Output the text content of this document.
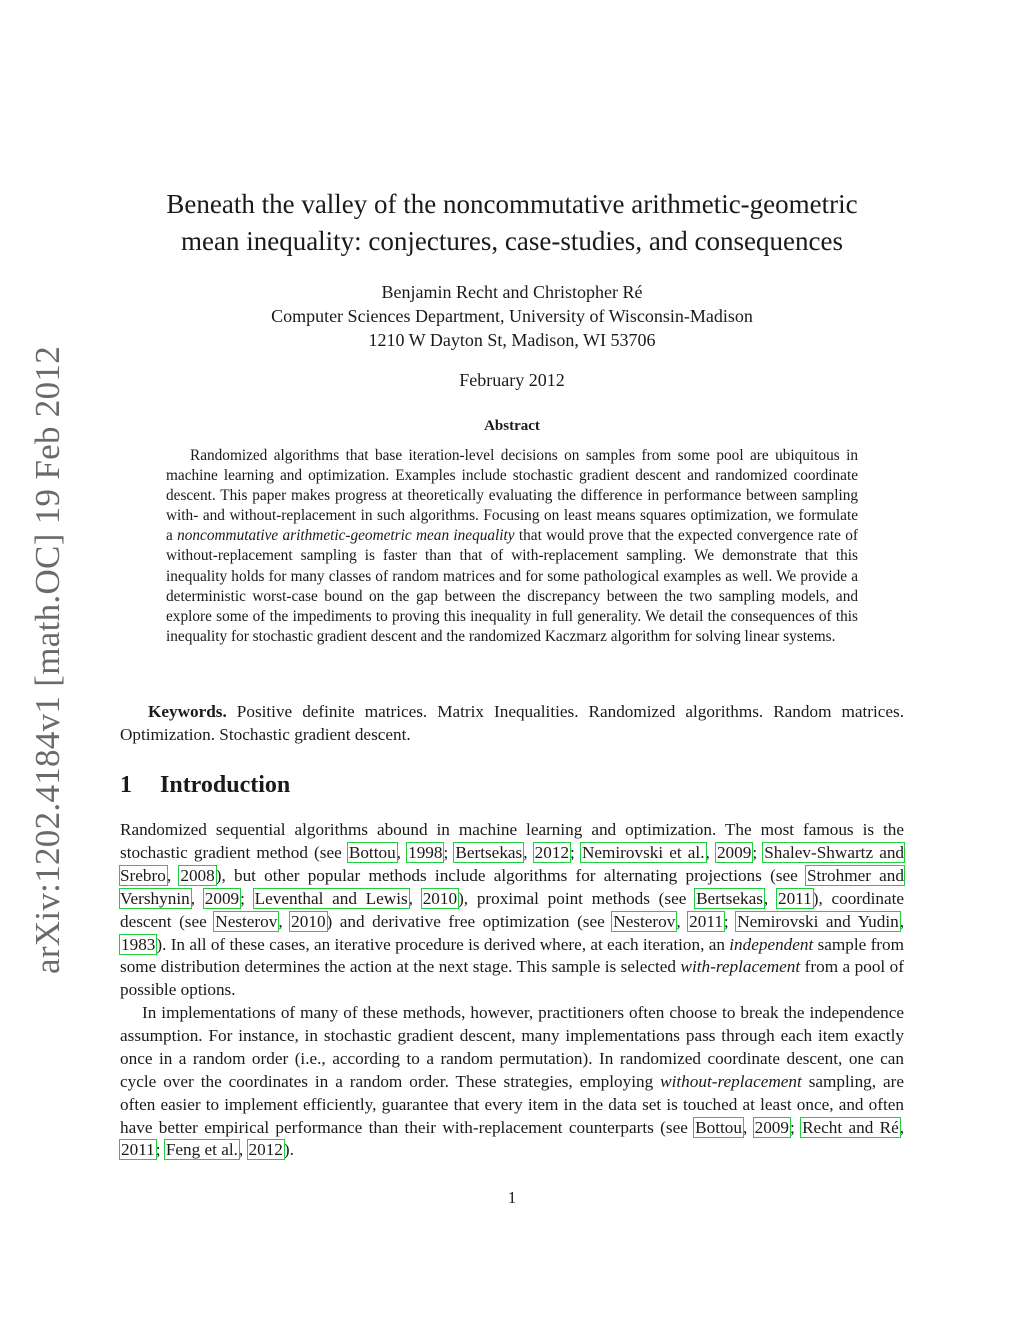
arXiv:1202.4184v1 [math.OC] 19 Feb 2012
Beneath the valley of the noncommutative arithmetic-geometric
mean inequality: conjectures, case-studies, and consequences
Benjamin Recht and Christopher Ré
Computer Sciences Department, University of Wisconsin-Madison
1210 W Dayton St, Madison, WI 53706
February 2012
Abstract
Randomized algorithms that base iteration-level decisions on samples from some pool are ubiquitous in machine learning and optimization. Examples include stochastic gradient descent and randomized coordinate descent. This paper makes progress at theoretically evaluating the difference in performance between sampling with- and without-replacement in such algorithms. Focusing on least means squares optimization, we formulate a noncommutative arithmetic-geometric mean inequality that would prove that the expected convergence rate of without-replacement sampling is faster than that of with-replacement sampling. We demonstrate that this inequality holds for many classes of random matrices and for some pathological examples as well. We provide a deterministic worst-case bound on the gap between the discrepancy between the two sampling models, and explore some of the impediments to proving this inequality in full generality. We detail the consequences of this inequality for stochastic gradient descent and the randomized Kaczmarz algorithm for solving linear systems.
Keywords. Positive definite matrices. Matrix Inequalities. Randomized algorithms. Random matrices. Optimization. Stochastic gradient descent.
1 Introduction
Randomized sequential algorithms abound in machine learning and optimization. The most famous is the stochastic gradient method (see Bottou, 1998; Bertsekas, 2012; Nemirovski et al., 2009; Shalev-Shwartz and Srebro, 2008), but other popular methods include algorithms for alternating projections (see Strohmer and Vershynin, 2009; Leventhal and Lewis, 2010), proximal point methods (see Bertsekas, 2011), coordinate descent (see Nesterov, 2010) and derivative free optimization (see Nesterov, 2011; Nemirovski and Yudin, 1983). In all of these cases, an iterative procedure is derived where, at each iteration, an independent sample from some distribution determines the action at the next stage. This sample is selected with-replacement from a pool of possible options.
In implementations of many of these methods, however, practitioners often choose to break the independence assumption. For instance, in stochastic gradient descent, many implementations pass through each item exactly once in a random order (i.e., according to a random permutation). In randomized coordinate descent, one can cycle over the coordinates in a random order. These strategies, employing without-replacement sampling, are often easier to implement efficiently, guarantee that every item in the data set is touched at least once, and often have better empirical performance than their with-replacement counterparts (see Bottou, 2009; Recht and Ré, 2011; Feng et al., 2012).
1
